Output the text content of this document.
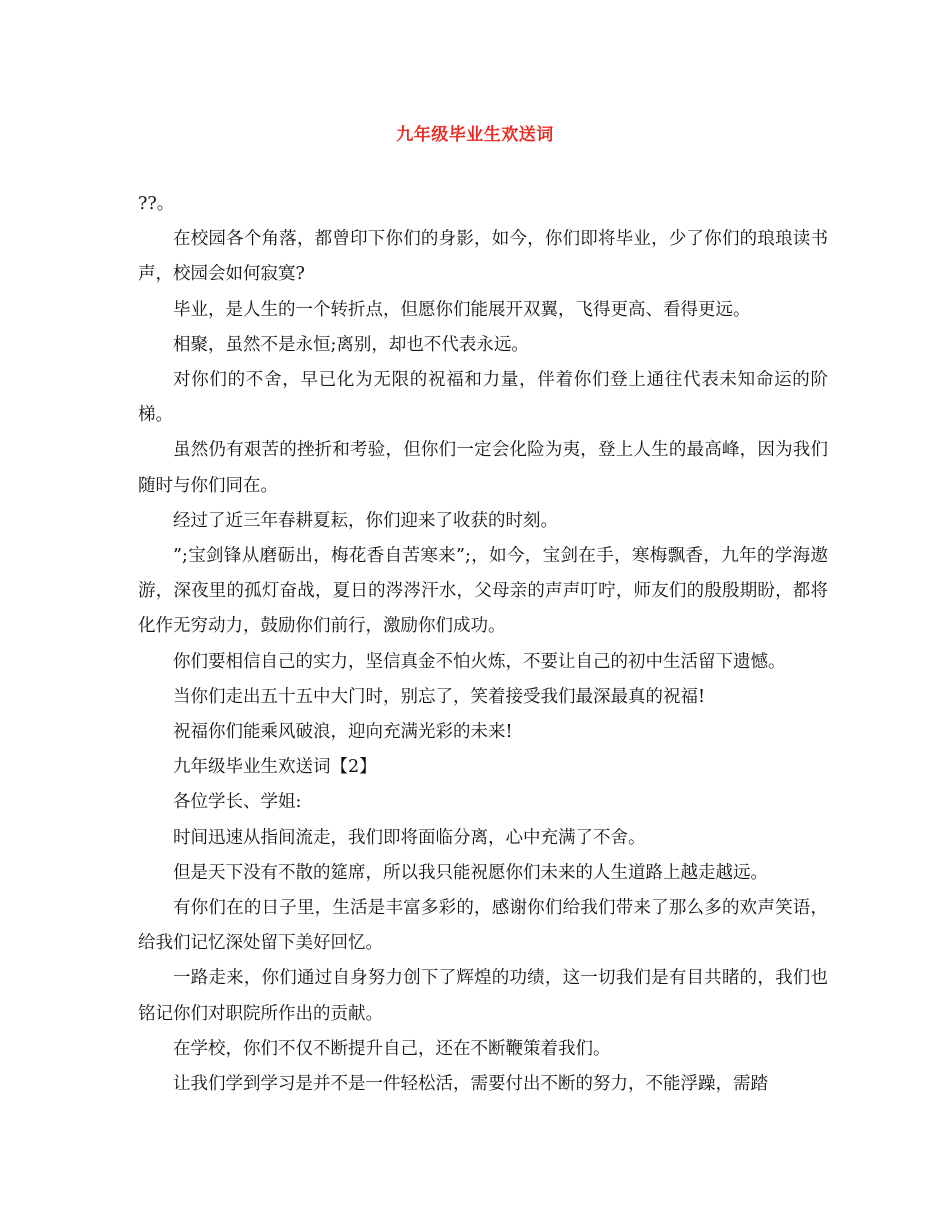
九年级毕业生欢送词

??。

在校园各个角落，都曾印下你们的身影，如今，你们即将毕业，少了你们的琅琅读书声，校园会如何寂寞?

毕业，是人生的一个转折点，但愿你们能展开双翼，飞得更高、看得更远。

相聚，虽然不是永恒;离别，却也不代表永远。

对你们的不舍，早已化为无限的祝福和力量，伴着你们登上通往代表未知命运的阶梯。

虽然仍有艰苦的挫折和考验，但你们一定会化险为夷，登上人生的最高峰，因为我们随时与你们同在。

经过了近三年春耕夏耘，你们迎来了收获的时刻。

”;宝剑锋从磨砺出，梅花香自苦寒来”;，如今，宝剑在手，寒梅飘香，九年的学海遨游，深夜里的孤灯奋战，夏日的涔涔汗水，父母亲的声声叮咛，师友们的殷殷期盼，都将化作无穷动力，鼓励你们前行，激励你们成功。

你们要相信自己的实力，坚信真金不怕火炼，不要让自己的初中生活留下遗憾。

当你们走出五十五中大门时，别忘了，笑着接受我们最深最真的祝福!

祝福你们能乘风破浪，迎向充满光彩的未来!

九年级毕业生欢送词【2】

各位学长、学姐:

时间迅速从指间流走，我们即将面临分离，心中充满了不舍。

但是天下没有不散的筵席，所以我只能祝愿你们未来的人生道路上越走越远。

有你们在的日子里，生活是丰富多彩的，感谢你们给我们带来了那么多的欢声笑语，给我们记忆深处留下美好回忆。

一路走来，你们通过自身努力创下了辉煌的功绩，这一切我们是有目共睹的，我们也铭记你们对职院所作出的贡献。

在学校，你们不仅不断提升自己，还在不断鞭策着我们。

让我们学到学习是并不是一件轻松活，需要付出不断的努力，不能浮躁，需踏
